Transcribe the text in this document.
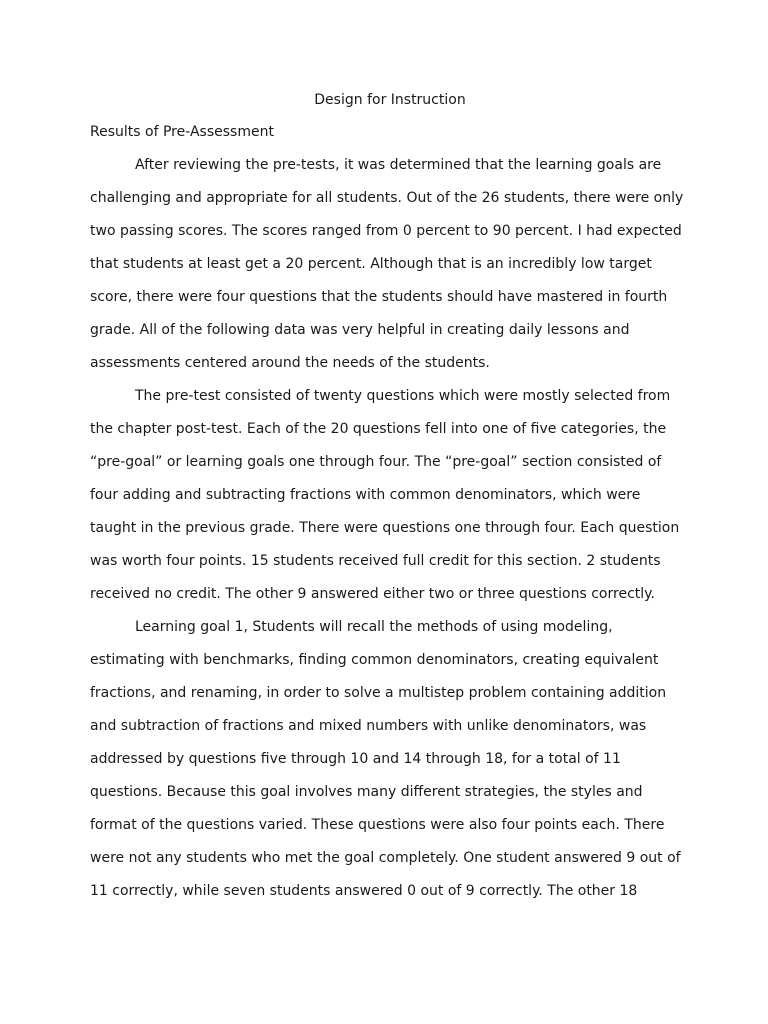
Design for Instruction
Results of Pre-Assessment
After reviewing the pre-tests, it was determined that the learning goals are
challenging and appropriate for all students. Out of the 26 students, there were only
two passing scores. The scores ranged from 0 percent to 90 percent. I had expected
that students at least get a 20 percent. Although that is an incredibly low target
score, there were four questions that the students should have mastered in fourth
grade. All of the following data was very helpful in creating daily lessons and
assessments centered around the needs of the students.
The pre-test consisted of twenty questions which were mostly selected from
the chapter post-test. Each of the 20 questions fell into one of five categories, the
“pre-goal” or learning goals one through four. The “pre-goal” section consisted of
four adding and subtracting fractions with common denominators, which were
taught in the previous grade. There were questions one through four. Each question
was worth four points. 15 students received full credit for this section. 2 students
received no credit. The other 9 answered either two or three questions correctly.
Learning goal 1, Students will recall the methods of using modeling,
estimating with benchmarks, finding common denominators, creating equivalent
fractions, and renaming, in order to solve a multistep problem containing addition
and subtraction of fractions and mixed numbers with unlike denominators, was
addressed by questions five through 10 and 14 through 18, for a total of 11
questions. Because this goal involves many different strategies, the styles and
format of the questions varied. These questions were also four points each. There
were not any students who met the goal completely. One student answered 9 out of
11 correctly, while seven students answered 0 out of 9 correctly. The other 18
